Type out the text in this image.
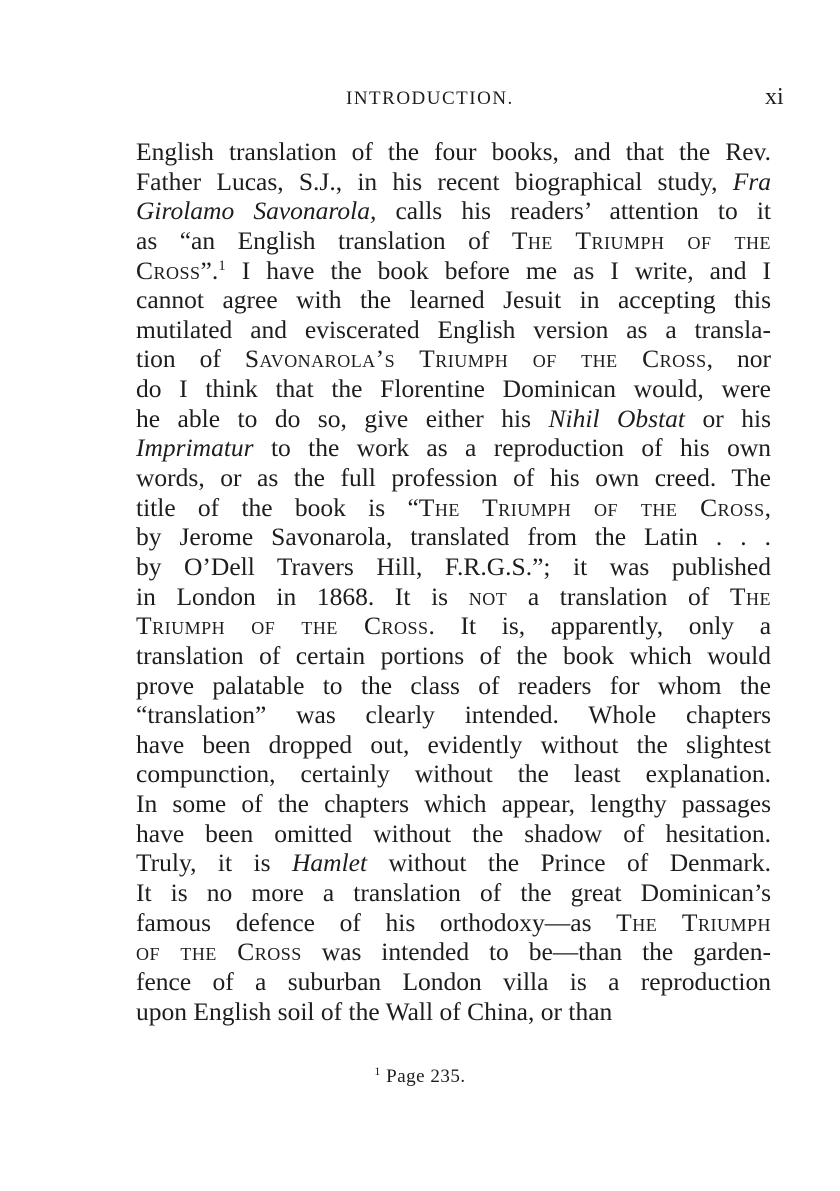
INTRODUCTION.	xi
English translation of the four books, and that the Rev.
Father Lucas, S.J., in his recent biographical study, Fra
Girolamo Savonarola, calls his readers’ attention to it
as “an English translation of The Triumph of the
Cross”.$^1$ I have the book before me as I write, and I
cannot agree with the learned Jesuit in accepting this
mutilated and eviscerated English version as a transla-
tion of Savonarola’s Triumph of the Cross, nor
do I think that the Florentine Dominican would, were
he able to do so, give either his Nihil Obstat or his
Imprimatur to the work as a reproduction of his own
words, or as the full profession of his own creed. The
title of the book is “The Triumph of the Cross,
by Jerome Savonarola, translated from the Latin . . .
by O’Dell Travers Hill, F.R.G.S.”; it was published
in London in 1868. It is not a translation of The
Triumph of the Cross. It is, apparently, only a
translation of certain portions of the book which would
prove palatable to the class of readers for whom the
“translation” was clearly intended. Whole chapters
have been dropped out, evidently without the slightest
compunction, certainly without the least explanation.
In some of the chapters which appear, lengthy passages
have been omitted without the shadow of hesitation.
Truly, it is Hamlet without the Prince of Denmark.
It is no more a translation of the great Dominican’s
famous defence of his orthodoxy—as The Triumph
of the Cross was intended to be—than the garden-
fence of a suburban London villa is a reproduction
upon English soil of the Wall of China, or than
$^1$ Page 235.
